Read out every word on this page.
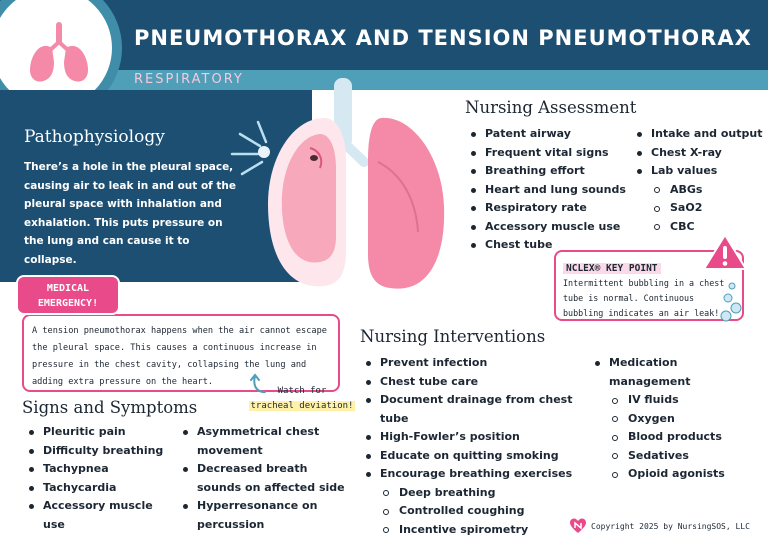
PNEUMOTHORAX AND TENSION PNEUMOTHORAX
RESPIRATORY
Pathophysiology
There’s a hole in the pleural space, causing air to leak in and out of the pleural space with inhalation and exhalation. This puts pressure on the lung and can cause it to collapse.
MEDICAL
EMERGENCY!
A tension pneumothorax happens when the air cannot escape the pleural space. This causes a continuous increase in pressure in the chest cavity, collapsing the lung and adding extra pressure on the heart.
Watch for
tracheal deviation!
Signs and Symptoms
Pleuritic pain
Difficulty breathing
Tachypnea
Tachycardia
Accessory muscle use
Asymmetrical chest movement
Decreased breath sounds on affected side
Hyperresonance on percussion
Nursing Assessment
Patent airway
Frequent vital signs
Breathing effort
Heart and lung sounds
Respiratory rate
Accessory muscle use
Chest tube
Intake and output
Chest X-ray
Lab values
ABGs
SaO2
CBC
NCLEX® KEY POINT
Intermittent bubbling in a chest tube is normal. Continuous bubbling indicates an air leak!
Nursing Interventions
Prevent infection
Chest tube care
Document drainage from chest tube
High-Fowler’s position
Educate on quitting smoking
Encourage breathing exercises
Deep breathing
Controlled coughing
Incentive spirometry
Medication management
IV fluids
Oxygen
Blood products
Sedatives
Opioid agonists
Copyright 2025 by NursingSOS, LLC
